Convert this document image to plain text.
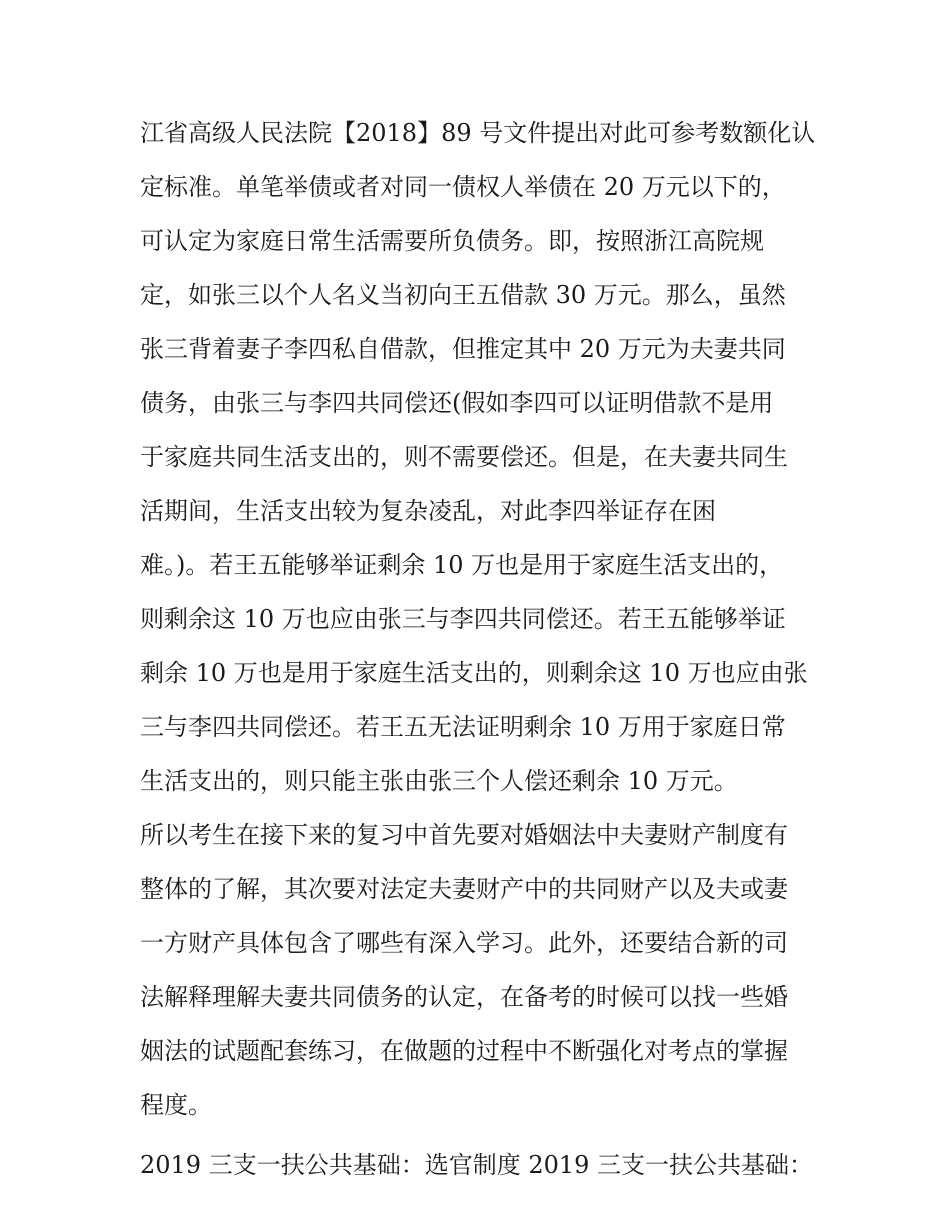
江省高级人民法院【2018】89 号文件提出对此可参考数额化认

定标准。单笔举债或者对同一债权人举债在 20 万元以下的，

可认定为家庭日常生活需要所负债务。即，按照浙江高院规

定，如张三以个人名义当初向王五借款 30 万元。那么，虽然

张三背着妻子李四私自借款，但推定其中 20 万元为夫妻共同

债务，由张三与李四共同偿还(假如李四可以证明借款不是用

于家庭共同生活支出的，则不需要偿还。但是，在夫妻共同生

活期间，生活支出较为复杂凌乱，对此李四举证存在困

难。)。若王五能够举证剩余 10 万也是用于家庭生活支出的，

则剩余这 10 万也应由张三与李四共同偿还。若王五能够举证

剩余 10 万也是用于家庭生活支出的，则剩余这 10 万也应由张

三与李四共同偿还。若王五无法证明剩余 10 万用于家庭日常

生活支出的，则只能主张由张三个人偿还剩余 10 万元。

所以考生在接下来的复习中首先要对婚姻法中夫妻财产制度有

整体的了解，其次要对法定夫妻财产中的共同财产以及夫或妻

一方财产具体包含了哪些有深入学习。此外，还要结合新的司

法解释理解夫妻共同债务的认定，在备考的时候可以找一些婚

姻法的试题配套练习，在做题的过程中不断强化对考点的掌握

程度。

2019 三支一扶公共基础：选官制度 2019 三支一扶公共基础：
